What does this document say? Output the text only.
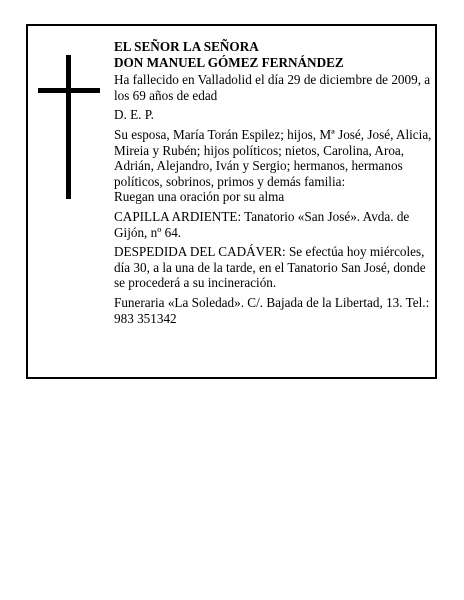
EL SEÑOR LA SEÑORA

DON MANUEL GÓMEZ FERNÁNDEZ

Ha fallecido en Valladolid el día 29 de diciembre de 2009, a los 69 años de edad

D. E. P.

Su esposa, María Torán Espilez; hijos, Mª José, José, Alicia, Mireia y Rubén; hijos políticos; nietos, Carolina, Aroa, Adrián, Alejandro, Iván y Sergio; hermanos, hermanos políticos, sobrinos, primos y demás familia:

Ruegan una oración por su alma

CAPILLA ARDIENTE: Tanatorio «San José». Avda. de Gijón, nº 64.

DESPEDIDA DEL CADÁVER: Se efectúa hoy miércoles, día 30, a la una de la tarde, en el Tanatorio San José, donde se procederá a su incineración.

Funeraria «La Soledad». C/. Bajada de la Libertad, 13. Tel.: 983 351342
